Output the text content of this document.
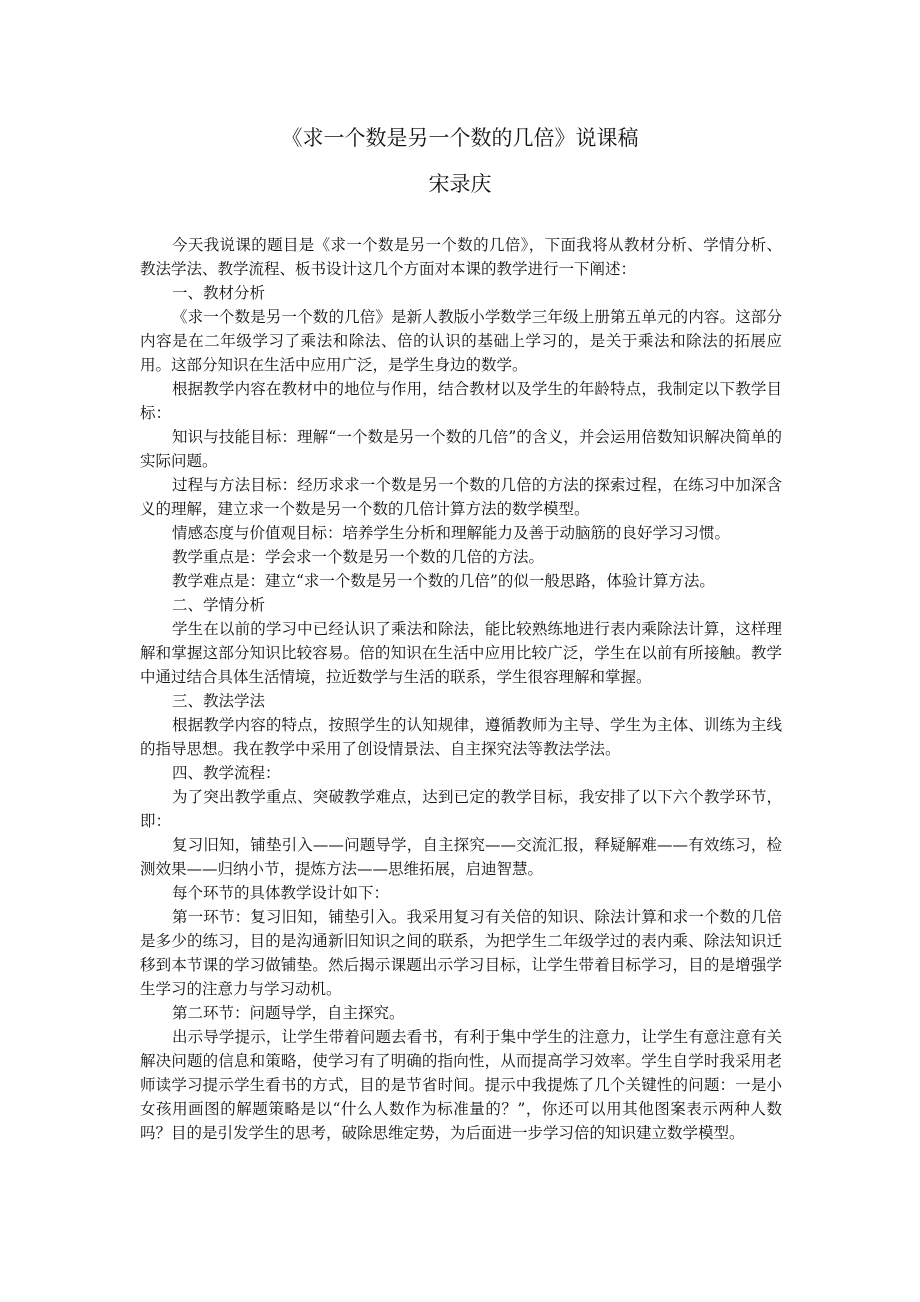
《求一个数是另一个数的几倍》说课稿
宋录庆

今天我说课的题目是《求一个数是另一个数的几倍》，下面我将从教材分析、学情分析、教法学法、教学流程、板书设计这几个方面对本课的教学进行一下阐述：

一、教材分析

《求一个数是另一个数的几倍》是新人教版小学数学三年级上册第五单元的内容。这部分内容是在二年级学习了乘法和除法、倍的认识的基础上学习的，是关于乘法和除法的拓展应用。这部分知识在生活中应用广泛，是学生身边的数学。

根据教学内容在教材中的地位与作用，结合教材以及学生的年龄特点，我制定以下教学目标：

知识与技能目标：理解“一个数是另一个数的几倍”的含义，并会运用倍数知识解决简单的实际问题。

过程与方法目标：经历求求一个数是另一个数的几倍的方法的探索过程，在练习中加深含义的理解，建立求一个数是另一个数的几倍计算方法的数学模型。

情感态度与价值观目标：培养学生分析和理解能力及善于动脑筋的良好学习习惯。

教学重点是：学会求一个数是另一个数的几倍的方法。

教学难点是：建立“求一个数是另一个数的几倍”的似一般思路，体验计算方法。

二、学情分析

学生在以前的学习中已经认识了乘法和除法，能比较熟练地进行表内乘除法计算，这样理解和掌握这部分知识比较容易。倍的知识在生活中应用比较广泛，学生在以前有所接触。教学中通过结合具体生活情境，拉近数学与生活的联系，学生很容理解和掌握。

三、教法学法

根据教学内容的特点，按照学生的认知规律，遵循教师为主导、学生为主体、训练为主线的指导思想。我在教学中采用了创设情景法、自主探究法等教法学法。

四、教学流程：

为了突出教学重点、突破教学难点，达到已定的教学目标，我安排了以下六个教学环节，即：

复习旧知，铺垫引入——问题导学，自主探究——交流汇报，释疑解难——有效练习，检测效果——归纳小节，提炼方法——思维拓展，启迪智慧。

每个环节的具体教学设计如下：

第一环节：复习旧知，铺垫引入。我采用复习有关倍的知识、除法计算和求一个数的几倍是多少的练习，目的是沟通新旧知识之间的联系，为把学生二年级学过的表内乘、除法知识迁移到本节课的学习做铺垫。然后揭示课题出示学习目标，让学生带着目标学习，目的是增强学生学习的注意力与学习动机。

第二环节：问题导学，自主探究。

出示导学提示，让学生带着问题去看书，有利于集中学生的注意力，让学生有意注意有关解决问题的信息和策略，使学习有了明确的指向性，从而提高学习效率。学生自学时我采用老师读学习提示学生看书的方式，目的是节省时间。提示中我提炼了几个关键性的问题：一是小女孩用画图的解题策略是以“什么人数作为标准量的？”，你还可以用其他图案表示两种人数吗？目的是引发学生的思考，破除思维定势，为后面进一步学习倍的知识建立数学模型。
